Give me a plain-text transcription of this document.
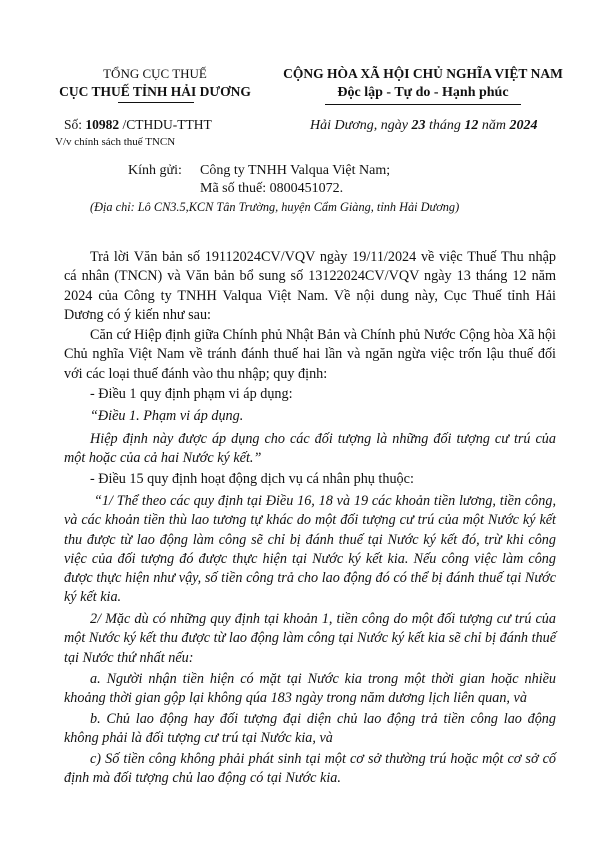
TỔNG CỤC THUẾ
CỤC THUẾ TỈNH HẢI DƯƠNG
CỘNG HÒA XÃ HỘI CHỦ NGHĨA VIỆT NAM
Độc lập - Tự do - Hạnh phúc
Số: 10982 /CTHDU-TTHT
V/v chính sách thuế TNCN
Hải Dương, ngày 23 tháng 12 năm 2024
Kính gửi: Công ty TNHH Valqua Việt Nam;
Mã số thuế: 0800451072.
(Địa chỉ: Lô CN3.5,KCN Tân Trường, huyện Cẩm Giàng, tỉnh Hải Dương)
Trả lời Văn bản số 19112024CV/VQV ngày 19/11/2024 về việc Thuế Thu nhập cá nhân (TNCN) và Văn bản bổ sung số 13122024CV/VQV ngày 13 tháng 12 năm 2024 của Công ty TNHH Valqua Việt Nam. Về nội dung này, Cục Thuế tỉnh Hải Dương có ý kiến như sau:
Căn cứ Hiệp định giữa Chính phủ Nhật Bản và Chính phủ Nước Cộng hòa Xã hội Chủ nghĩa Việt Nam về tránh đánh thuế hai lần và ngăn ngừa việc trốn lậu thuế đối với các loại thuế đánh vào thu nhập; quy định:
- Điều 1 quy định phạm vi áp dụng:
“Điều 1. Phạm vi áp dụng.
Hiệp định này được áp dụng cho các đối tượng là những đối tượng cư trú của một hoặc của cả hai Nước ký kết.”
- Điều 15 quy định hoạt động dịch vụ cá nhân phụ thuộc:
“1/ Thể theo các quy định tại Điều 16, 18 và 19 các khoản tiền lương, tiền công, và các khoản tiền thù lao tương tự khác do một đối tượng cư trú của một Nước ký kết thu được từ lao động làm công sẽ chỉ bị đánh thuế tại Nước ký kết đó, trừ khi công việc của đối tượng đó được thực hiện tại Nước ký kết kia. Nếu công việc làm công được thực hiện như vậy, số tiền công trả cho lao động đó có thể bị đánh thuế tại Nước ký kết kia.
2/ Mặc dù có những quy định tại khoản 1, tiền công do một đối tượng cư trú của một Nước ký kết thu được từ lao động làm công tại Nước ký kết kia sẽ chỉ bị đánh thuế tại Nước thứ nhất nếu:
a. Người nhận tiền hiện có mặt tại Nước kia trong một thời gian hoặc nhiều khoảng thời gian gộp lại không qúa 183 ngày trong năm dương lịch liên quan, và
b. Chủ lao động hay đối tượng đại diện chủ lao động trả tiền công lao động không phải là đối tượng cư trú tại Nước kia, và
c) Số tiền công không phải phát sinh tại một cơ sở thường trú hoặc một cơ sở cố định mà đối tượng chủ lao động có tại Nước kia.
